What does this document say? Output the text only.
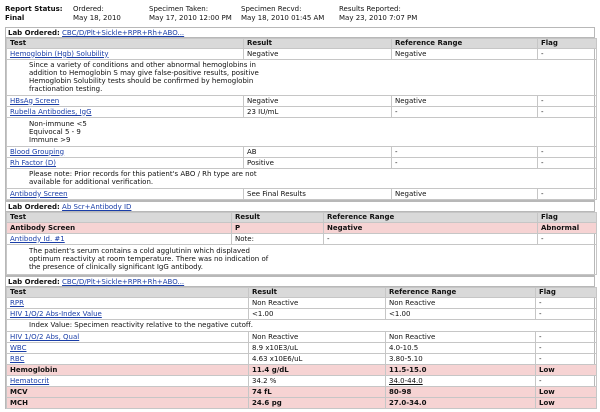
Report Status:
Final
Ordered:
May 18, 2010
Specimen Taken:
May 17, 2010 12:00 PM
Specimen Recvd:
May 18, 2010 01:45 AM
Results Reported:
May 23, 2010 7:07 PM
Lab Ordered: CBC/D/Plt+Sickle+RPR+Rh+ABO...
Test	Result	Reference Range	Flag
Hemoglobin (Hgb) Solubility	Negative	Negative	-
Since a variety of conditions and other abnormal hemoglobins in addition to Hemoglobin S may give false-positive results, positive Hemoglobin Solubility tests should be confirmed by hemoglobin fractionation testing.			
HBsAg Screen	Negative	Negative	-
Rubella Antibodies, IgG	23 IU/mL	-	-
Non-immune <5
Equivocal 5 - 9
Immune >9			
Blood Grouping	AB	-	-
Rh Factor (D)	Positive	-	-
Please note: Prior records for this patient's ABO / Rh type are not available for additional verification.			
Antibody Screen	See Final Results	Negative	-
Lab Ordered: Ab Scr+Antibody ID
Test	Result	Reference Range	Flag
Antibody Screen	P	Negative	Abnormal
Antibody Id. #1	Note:	-	-
The patient's serum contains a cold agglutinin which displaved optimum reactivity at room temperature. There was no indication of the presence of clinically significant IgG antibody.			
Lab Ordered: CBC/D/Plt+Sickle+RPR+Rh+ABO...
Test	Result	Reference Range	Flag
RPR	Non Reactive	Non Reactive	-
HIV 1/O/2 Abs-Index Value	<1.00	<1.00	-
Index Value: Specimen reactivity relative to the negative cutoff.			
HIV 1/O/2 Abs, Qual	Non Reactive	Non Reactive	-
WBC	8.9 x10E3/uL	4.0-10.5	-
RBC	4.63 x10E6/uL	3.80-5.10	-
Hemoglobin	11.4 g/dL	11.5-15.0	Low
Hematocrit	34.2 %	34.0-44.0	-
MCV	74 fL	80-98	Low
MCH	24.6 pg	27.0-34.0	Low
